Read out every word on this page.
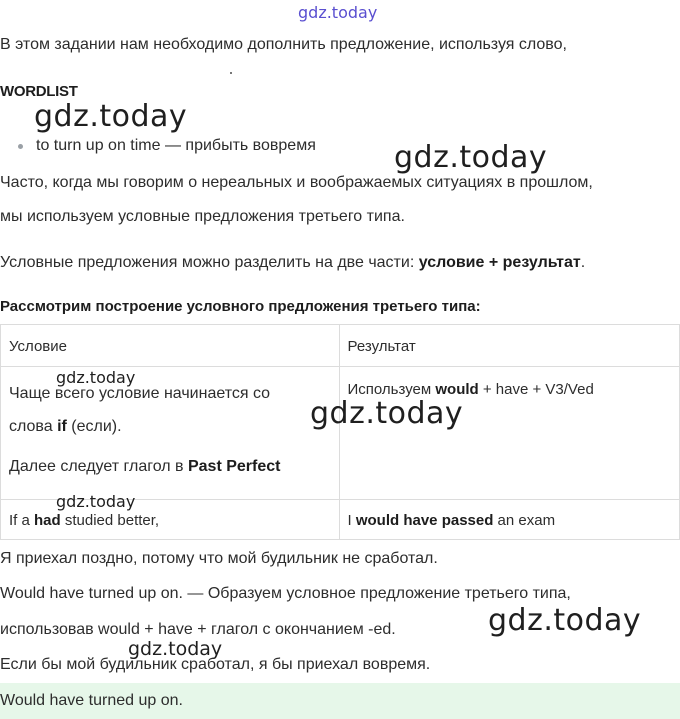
gdz.today
В этом задании нам необходимо дополнить предложение, используя слово,
WORDLIST
gdz.today
to turn up on time — прибыть вовремя	gdz.today
Часто, когда мы говорим о нереальных и воображаемых ситуациях в прошлом,
мы используем условные предложения третьего типа.
Условные предложения можно разделить на две части: условие + результат.
Рассмотрим построение условного предложения третьего типа:
Условие	Результат

Чаще всего условие начинается со
слова if (если).
Далее следует глагол в Past Perfect	Используем would + have + V3/Ved
If a had studied better,	I would have passed an exam
gdz.today
gdz.today
gdz.today
Я приехал поздно, потому что мой будильник не сработал.
Would have turned up on. — Образуем условное предложение третьего типа,
использовав would + have + глагол с окончанием -ed.	gdz.today
gdz.today
Если бы мой будильник сработал, я бы приехал вовремя.
Would have turned up on.
